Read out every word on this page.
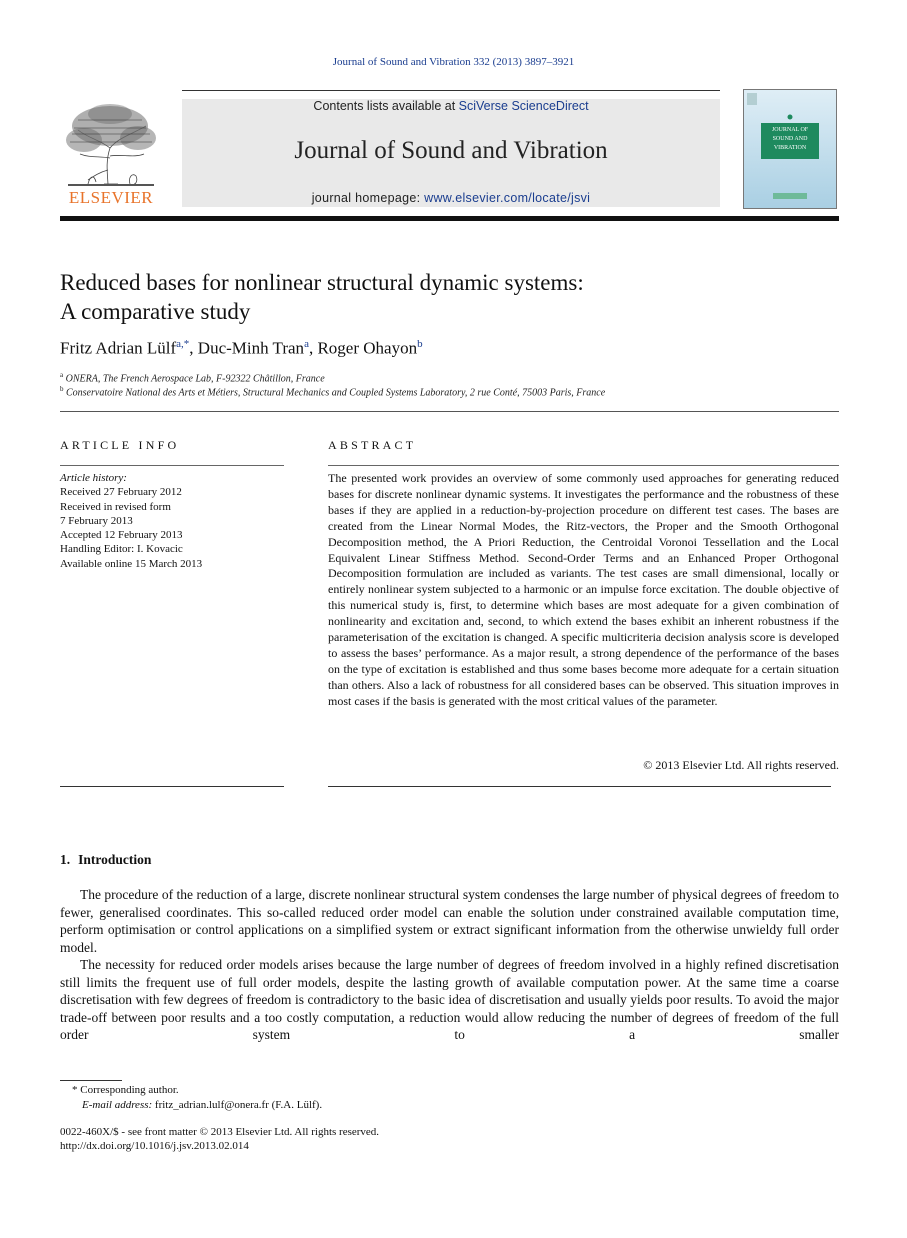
Journal of Sound and Vibration 332 (2013) 3897–3921
ELSEVIER
Contents lists available at SciVerse ScienceDirect
Journal of Sound and Vibration
journal homepage: www.elsevier.com/locate/jsvi
JOURNAL OF
SOUND AND
VIBRATION
Reduced bases for nonlinear structural dynamic systems:
A comparative study
Fritz Adrian Lülf$^{a,*}$, Duc-Minh Tran$^a$, Roger Ohayon$^b$
$^a$ ONERA, The French Aerospace Lab, F-92322 Châtillon, France
$^b$ Conservatoire National des Arts et Métiers, Structural Mechanics and Coupled Systems Laboratory, 2 rue Conté, 75003 Paris, France
ARTICLE INFO
Article history:
Received 27 February 2012
Received in revised form
7 February 2013
Accepted 12 February 2013
Handling Editor: I. Kovacic
Available online 15 March 2013
ABSTRACT
The presented work provides an overview of some commonly used approaches for generating reduced bases for discrete nonlinear dynamic systems. It investigates the performance and the robustness of these bases if they are applied in a reduction-by-projection procedure on different test cases. The bases are created from the Linear Normal Modes, the Ritz-vectors, the Proper and the Smooth Orthogonal Decomposition method, the A Priori Reduction, the Centroidal Voronoi Tessellation and the Local Equivalent Linear Stiffness Method. Second-Order Terms and an Enhanced Proper Orthogonal Decomposition formulation are included as variants. The test cases are small dimensional, locally or entirely nonlinear system subjected to a harmonic or an impulse force excitation. The double objective of this numerical study is, first, to determine which bases are most adequate for a given combination of nonlinearity and excitation and, second, to which extend the bases exhibit an inherent robustness if the parameterisation of the excitation is changed. A specific multicriteria decision analysis score is developed to assess the bases’ performance. As a major result, a strong dependence of the performance of the bases on the type of excitation is established and thus some bases become more adequate for a certain situation than others. Also a lack of robustness for all considered bases can be observed. This situation improves in most cases if the basis is generated with the most critical values of the parameter.
© 2013 Elsevier Ltd. All rights reserved.
1. Introduction

The procedure of the reduction of a large, discrete nonlinear structural system condenses the large number of physical degrees of freedom to fewer, generalised coordinates. This so-called reduced order model can enable the solution under constrained available computation time, perform optimisation or control applications on a simplified system or extract significant information from the otherwise unwieldy full order model.

The necessity for reduced order models arises because the large number of degrees of freedom involved in a highly refined discretisation still limits the frequent use of full order models, despite the lasting growth of available computation power. At the same time a coarse discretisation with few degrees of freedom is contradictory to the basic idea of discretisation and usually yields poor results. To avoid the major trade-off between poor results and a too costly computation, a reduction would allow reducing the number of degrees of freedom of the full order system to a smaller

* Corresponding author.
E-mail address: fritz_adrian.lulf@onera.fr (F.A. Lülf).
0022-460X/$ - see front matter © 2013 Elsevier Ltd. All rights reserved.
http://dx.doi.org/10.1016/j.jsv.2013.02.014
